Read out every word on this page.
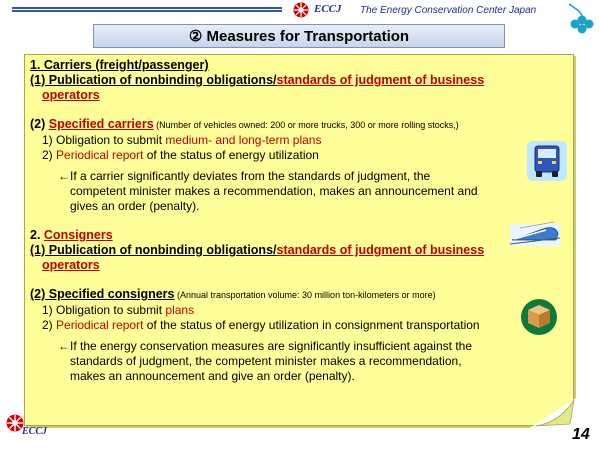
ECCJ The Energy Conservation Center Japan
② Measures for Transportation
1. Carriers (freight/passenger)
(1) Publication of nonbinding obligations/standards of judgment of business
operators
(2) Specified carriers (Number of vehicles owned: 200 or more trucks, 300 or more rolling stocks,)
1) Obligation to submit medium- and long-term plans
2) Periodical report of the status of energy utilization
←If a carrier significantly deviates from the standards of judgment, the
competent minister makes a recommendation, makes an announcement and
gives an order (penalty).
2. Consigners
(1) Publication of nonbinding obligations/standards of judgment of business
operators
(2) Specified consigners (Annual transportation volume: 30 million ton-kilometers or more)
1) Obligation to submit plans
2) Periodical report of the status of energy utilization in consignment transportation
←If the energy conservation measures are significantly insufficient against the
standards of judgment, the competent minister makes a recommendation,
makes an announcement and give an order (penalty).
ECCJ	14
